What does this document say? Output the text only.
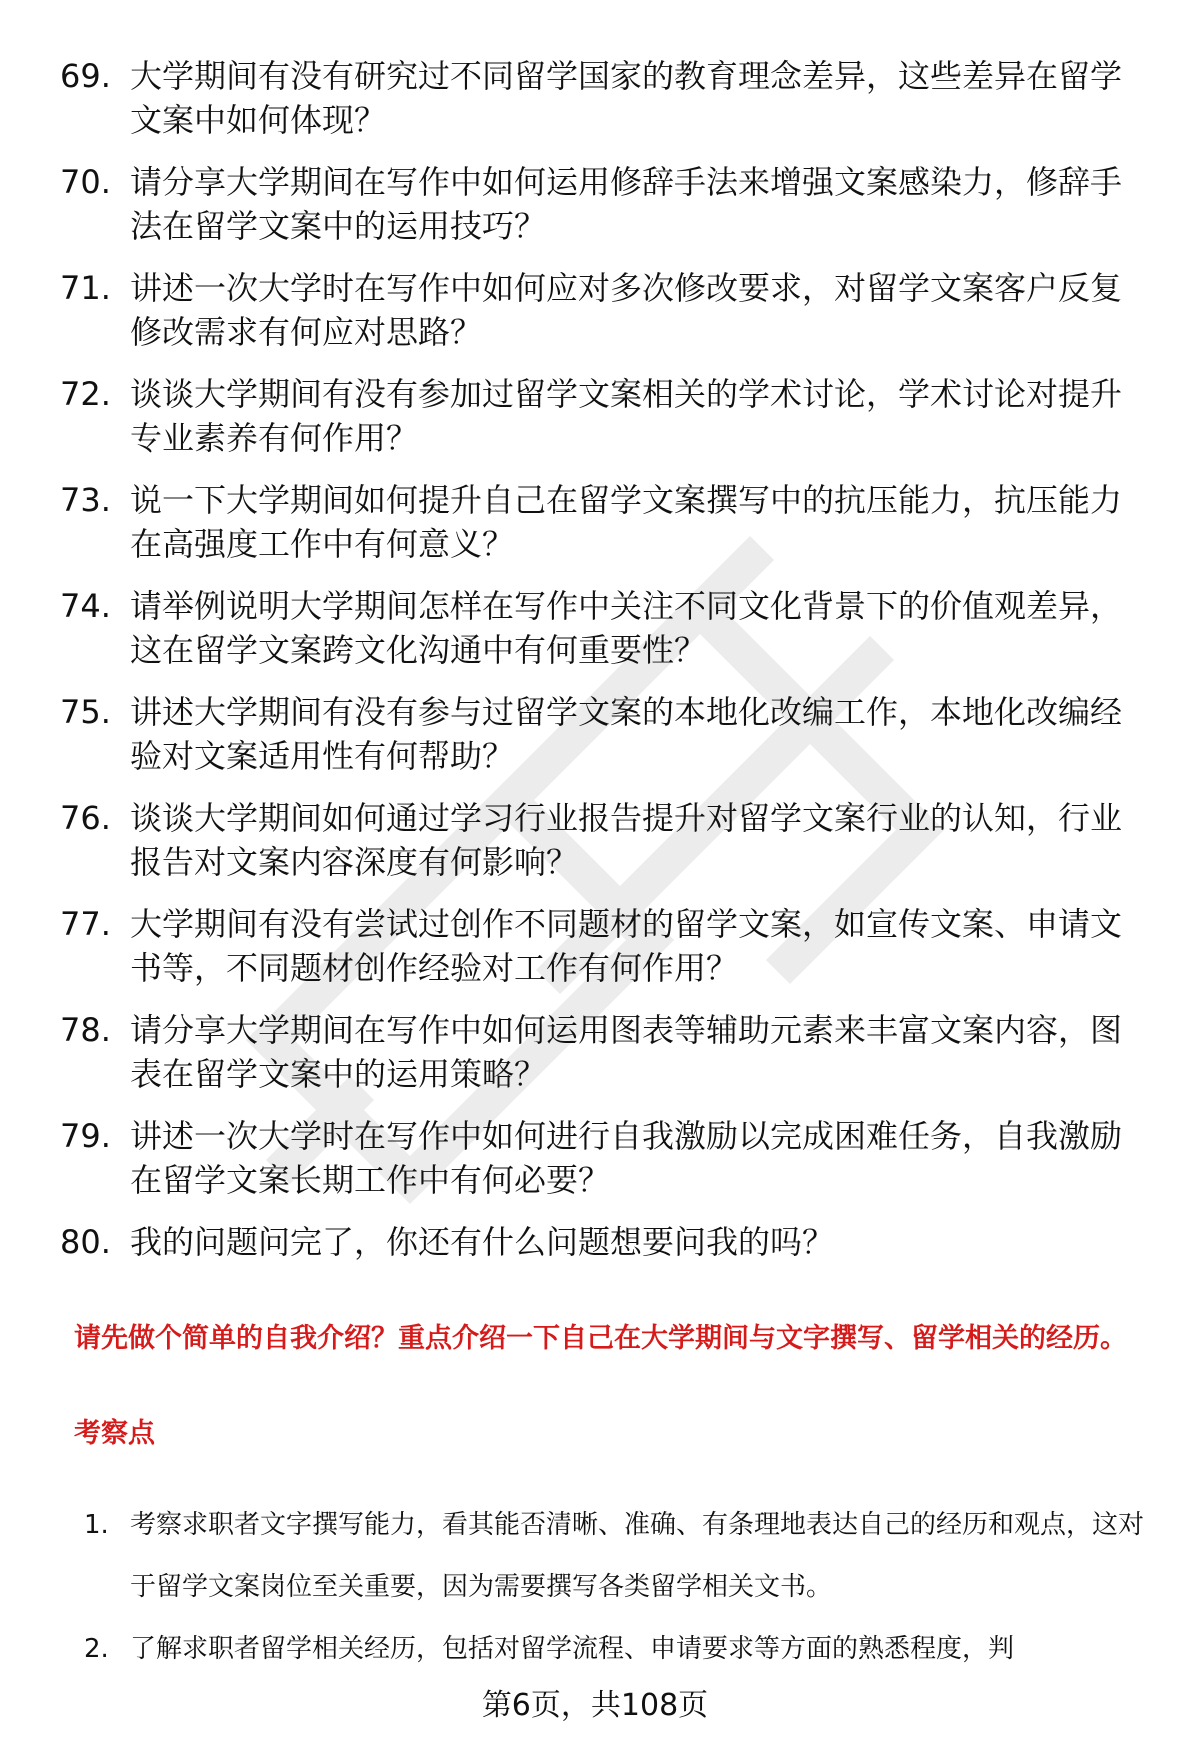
69. 大学期间有没有研究过不同留学国家的教育理念差异，这些差异在留学文案中如何体现？
70. 请分享大学期间在写作中如何运用修辞手法来增强文案感染力，修辞手法在留学文案中的运用技巧？
71. 讲述一次大学时在写作中如何应对多次修改要求，对留学文案客户反复修改需求有何应对思路？
72. 谈谈大学期间有没有参加过留学文案相关的学术讨论，学术讨论对提升专业素养有何作用？
73. 说一下大学期间如何提升自己在留学文案撰写中的抗压能力，抗压能力在高强度工作中有何意义？
74. 请举例说明大学期间怎样在写作中关注不同文化背景下的价值观差异，这在留学文案跨文化沟通中有何重要性？
75. 讲述大学期间有没有参与过留学文案的本地化改编工作，本地化改编经验对文案适用性有何帮助？
76. 谈谈大学期间如何通过学习行业报告提升对留学文案行业的认知，行业报告对文案内容深度有何影响？
77. 大学期间有没有尝试过创作不同题材的留学文案，如宣传文案、申请文书等，不同题材创作经验对工作有何作用？
78. 请分享大学期间在写作中如何运用图表等辅助元素来丰富文案内容，图表在留学文案中的运用策略？
79. 讲述一次大学时在写作中如何进行自我激励以完成困难任务，自我激励在留学文案长期工作中有何必要？
80. 我的问题问完了，你还有什么问题想要问我的吗？

请先做个简单的自我介绍？重点介绍一下自己在大学期间与文字撰写、留学相关的经历。

考察点

1. 考察求职者文字撰写能力，看其能否清晰、准确、有条理地表达自己的经历和观点，这对于留学文案岗位至关重要，因为需要撰写各类留学相关文书。
2. 了解求职者留学相关经历，包括对留学流程、申请要求等方面的熟悉程度，判
第6页，共108页
